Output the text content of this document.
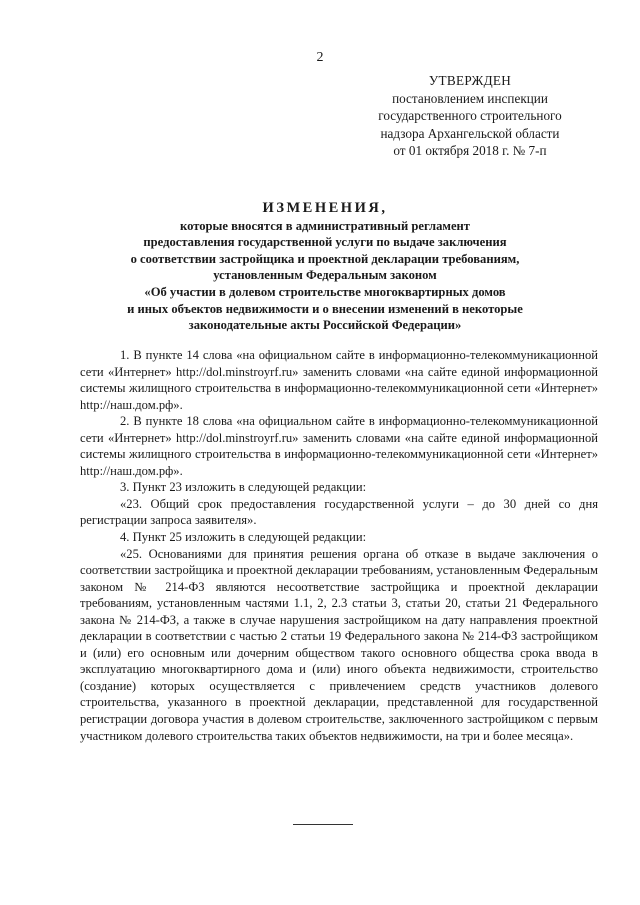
2
УТВЕРЖДЕН
постановлением инспекции
государственного строительного
надзора Архангельской области
от 01 октября 2018 г. № 7-п
ИЗМЕНЕНИЯ,
которые вносятся в административный регламент
предоставления государственной услуги по выдаче заключения
о соответствии застройщика и проектной декларации требованиям,
установленным Федеральным законом
«Об участии в долевом строительстве многоквартирных домов
и иных объектов недвижимости и о внесении изменений в некоторые
законодательные акты Российской Федерации»

1. В пункте 14 слова «на официальном сайте в информационно-телекоммуникационной сети «Интернет» http://dol.minstroyrf.ru» заменить словами «на сайте единой информационной системы жилищного строительства в информационно-телекоммуникационной сети «Интернет» http://наш.дом.рф».

2. В пункте 18 слова «на официальном сайте в информационно-телекоммуникационной сети «Интернет» http://dol.minstroyrf.ru» заменить словами «на сайте единой информационной системы жилищного строительства в информационно-телекоммуникационной сети «Интернет» http://наш.дом.рф».

3. Пункт 23 изложить в следующей редакции:

«23. Общий срок предоставления государственной услуги – до 30 дней со дня регистрации запроса заявителя».

4. Пункт 25 изложить в следующей редакции:

«25. Основаниями для принятия решения органа об отказе в выдаче заключения о соответствии застройщика и проектной декларации требованиям, установленным Федеральным законом № 214-ФЗ являются несоответствие застройщика и проектной декларации требованиям, установленным частями 1.1, 2, 2.3 статьи 3, статьи 20, статьи 21 Федерального закона № 214-ФЗ, а также в случае нарушения застройщиком на дату направления проектной декларации в соответствии с частью 2 статьи 19 Федерального закона № 214-ФЗ застройщиком и (или) его основным или дочерним обществом такого основного общества срока ввода в эксплуатацию многоквартирного дома и (или) иного объекта недвижимости, строительство (создание) которых осуществляется с привлечением средств участников долевого строительства, указанного в проектной декларации, представленной для государственной регистрации договора участия в долевом строительстве, заключенного застройщиком с первым участником долевого строительства таких объектов недвижимости, на три и более месяца».
